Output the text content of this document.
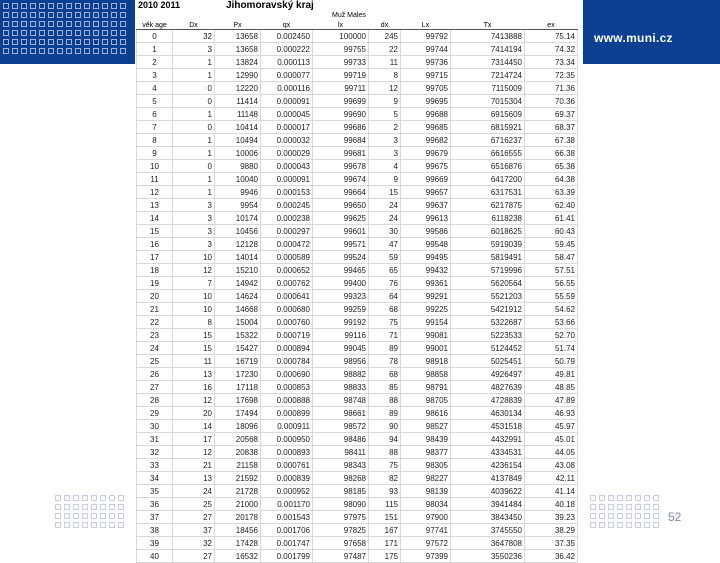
www.muni.cz
52
2010 2011	Jihomoravský kraj
Muž Males
věk age	Dx	Px	qx	lx	dx	Lx	Tx	ex
0	32	13658	0.002450	100000	245	99792	7413888	75.14
1	3	13658	0.000222	99755	22	99744	7414194	74.32
2	1	13824	0.000113	99733	11	99736	7314450	73.34
3	1	12990	0.000077	99719	8	99715	7214724	72.35
4	0	12220	0.000116	99711	12	99705	7115009	71.36
5	0	11414	0.000091	99699	9	99695	7015304	70.36
6	1	11148	0.000045	99690	5	99688	6915609	69.37
7	0	10414	0.000017	99686	2	99685	6815921	68.37
8	1	10494	0.000032	99684	3	99682	6716237	67.38
9	1	10006	0.000029	99681	3	99679	6616555	66.38
10	0	9880	0.000043	99678	4	99675	6516876	65.38
11	1	10040	0.000091	99674	9	99669	6417200	64.38
12	1	9946	0.000153	99664	15	99657	6317531	63.39
13	3	9954	0.000245	99650	24	99637	6217875	62.40
14	3	10174	0.000238	99625	24	99613	6118238	61.41
15	3	10456	0.000297	99601	30	99586	6018625	60.43
16	3	12128	0.000472	99571	47	99548	5919039	59.45
17	10	14014	0.000589	99524	59	99495	5819491	58.47
18	12	15210	0.000652	99465	65	99432	5719996	57.51
19	7	14942	0.000762	99400	76	99361	5620564	56.55
20	10	14624	0.000641	99323	64	99291	5521203	55.59
21	10	14668	0.000680	99259	68	99225	5421912	54.62
22	8	15004	0.000760	99192	75	99154	5322687	53.66
23	15	15322	0.000719	99116	71	99081	5223533	52.70
24	15	15427	0.000894	99045	89	99001	5124452	51.74
25	11	16719	0.000784	98956	78	98918	5025451	50.79
26	13	17230	0.000690	98882	68	98858	4926497	49.81
27	16	17118	0.000853	98833	85	98791	4827639	48.85
28	12	17698	0.000888	98748	88	98705	4728839	47.89
29	20	17494	0.000899	98661	89	98616	4630134	46.93
30	14	18096	0.000911	98572	90	98527	4531518	45.97
31	17	20568	0.000950	98486	94	98439	4432991	45.01
32	12	20838	0.000893	98411	88	98377	4334531	44.05
33	21	21158	0.000761	98343	75	98305	4236154	43.08
34	13	21592	0.000839	98268	82	98227	4137849	42.11
35	24	21728	0.000952	98185	93	98139	4039622	41.14
36	25	21000	0.001170	98090	115	98034	3941484	40.18
37	27	20178	0.001543	97975	151	97900	3843450	39.23
38	37	18456	0.001706	97825	167	97741	3745550	38.29
39	32	17428	0.001747	97658	171	97572	3647808	37.35
40	27	16532	0.001799	97487	175	97399	3550236	36.42
